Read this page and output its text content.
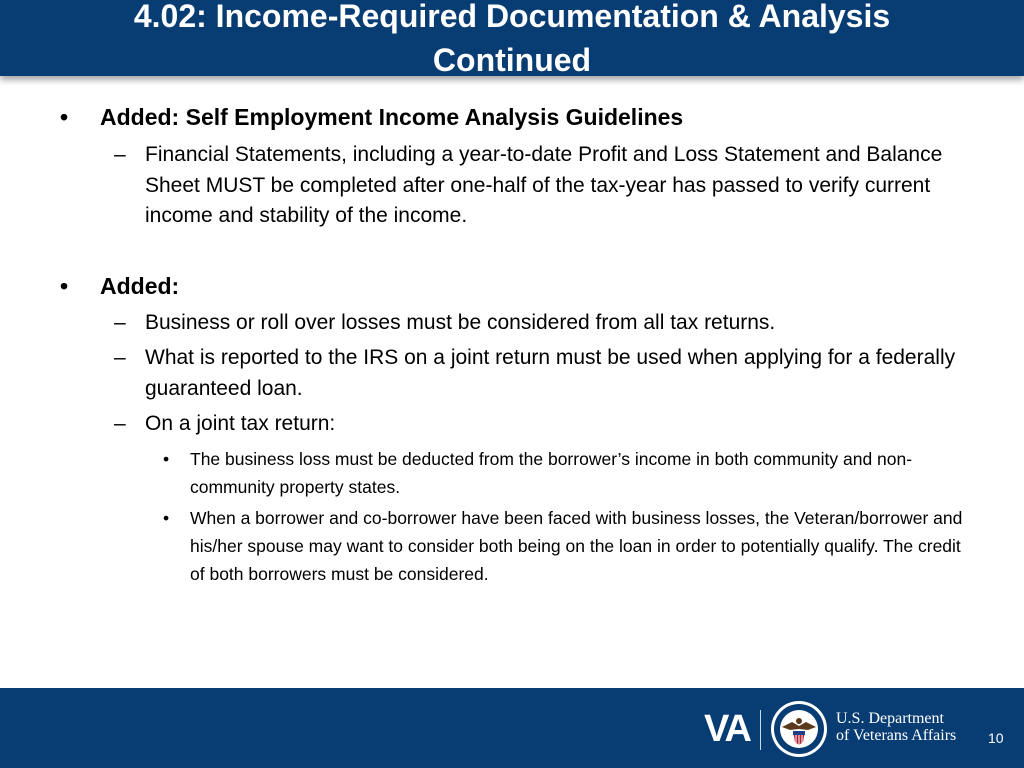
4.02: Income-Required Documentation & Analysis Continued
• Added: Self Employment Income Analysis Guidelines
– Financial Statements, including a year-to-date Profit and Loss Statement and Balance Sheet MUST be completed after one-half of the tax-year has passed to verify current income and stability of the income.
• Added:
– Business or roll over losses must be considered from all tax returns.
– What is reported to the IRS on a joint return must be used when applying for a federally guaranteed loan.
– On a joint tax return:
• The business loss must be deducted from the borrower’s income in both community and non-community property states.
• When a borrower and co-borrower have been faced with business losses, the Veteran/borrower and his/her spouse may want to consider both being on the loan in order to potentially qualify. The credit of both borrowers must be considered.
VA	U.S. Department
of Veterans Affairs 10
